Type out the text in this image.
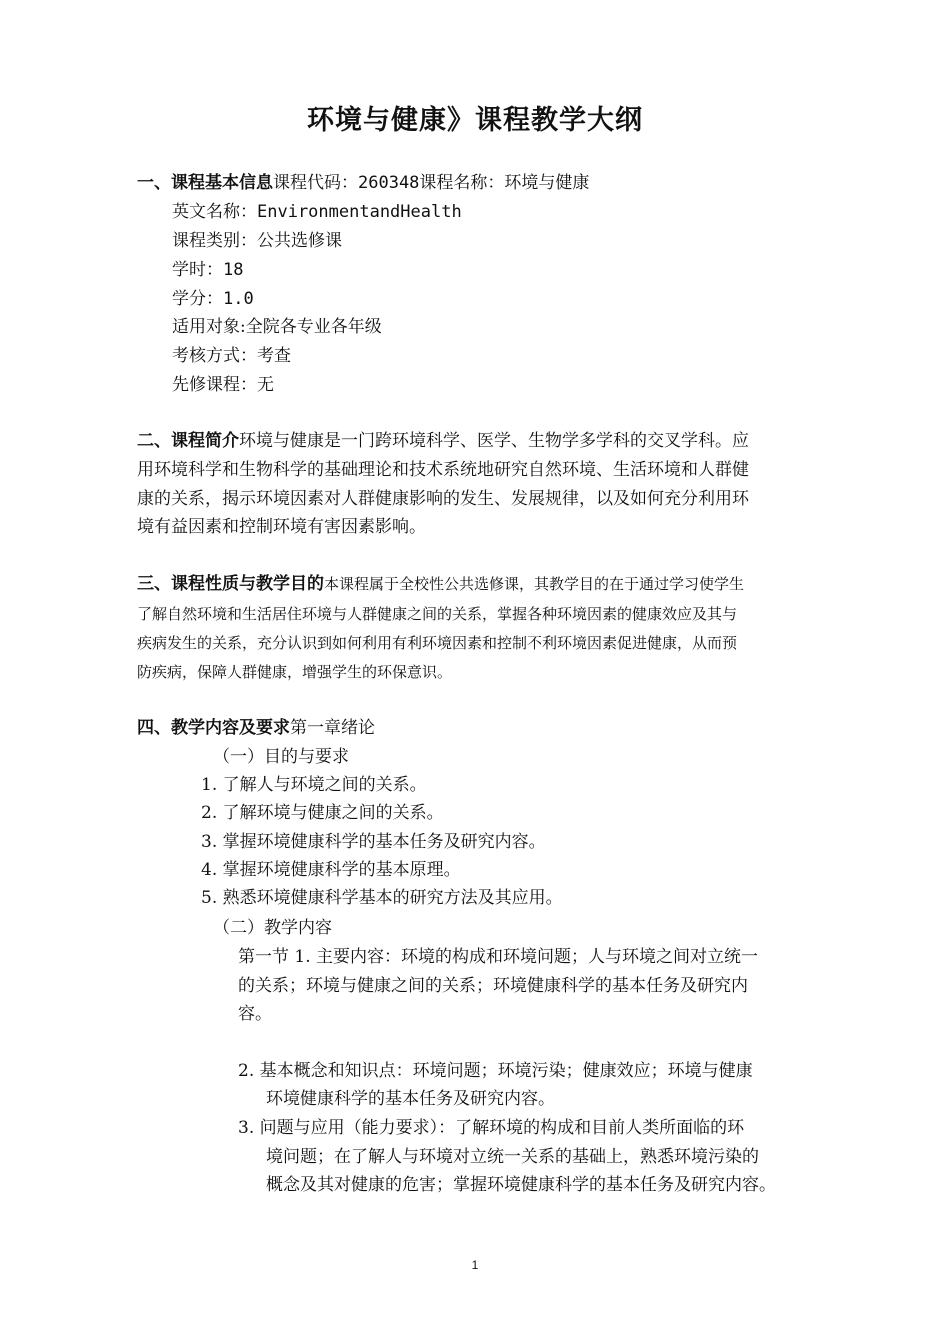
环境与健康》课程教学大纲
一、课程基本信息课程代码：260348课程名称：环境与健康
英文名称：EnvironmentandHealth
课程类别：公共选修课
学时：18
学分：1.0
适用对象:全院各专业各年级
考核方式：考查
先修课程：无
二、课程简介环境与健康是一门跨环境科学、医学、生物学多学科的交叉学科。应
用环境科学和生物科学的基础理论和技术系统地研究自然环境、生活环境和人群健
康的关系，揭示环境因素对人群健康影响的发生、发展规律，以及如何充分利用环
境有益因素和控制环境有害因素影响。
三、课程性质与教学目的本课程属于全校性公共选修课，其教学目的在于通过学习使学生
了解自然环境和生活居住环境与人群健康之间的关系，掌握各种环境因素的健康效应及其与
疾病发生的关系，充分认识到如何利用有利环境因素和控制不利环境因素促进健康，从而预
防疾病，保障人群健康，增强学生的环保意识。
四、教学内容及要求第一章绪论
（一）目的与要求
1. 了解人与环境之间的关系。
2. 了解环境与健康之间的关系。
3. 掌握环境健康科学的基本任务及研究内容。
4. 掌握环境健康科学的基本原理。
5. 熟悉环境健康科学基本的研究方法及其应用。
（二）教学内容
第一节 1. 主要内容：环境的构成和环境问题；人与环境之间对立统一
的关系；环境与健康之间的关系；环境健康科学的基本任务及研究内
容。
2. 基本概念和知识点：环境问题；环境污染；健康效应；环境与健康
环境健康科学的基本任务及研究内容。
3. 问题与应用（能力要求）：了解环境的构成和目前人类所面临的环
境问题；在了解人与环境对立统一关系的基础上，熟悉环境污染的
概念及其对健康的危害；掌握环境健康科学的基本任务及研究内容。
1
